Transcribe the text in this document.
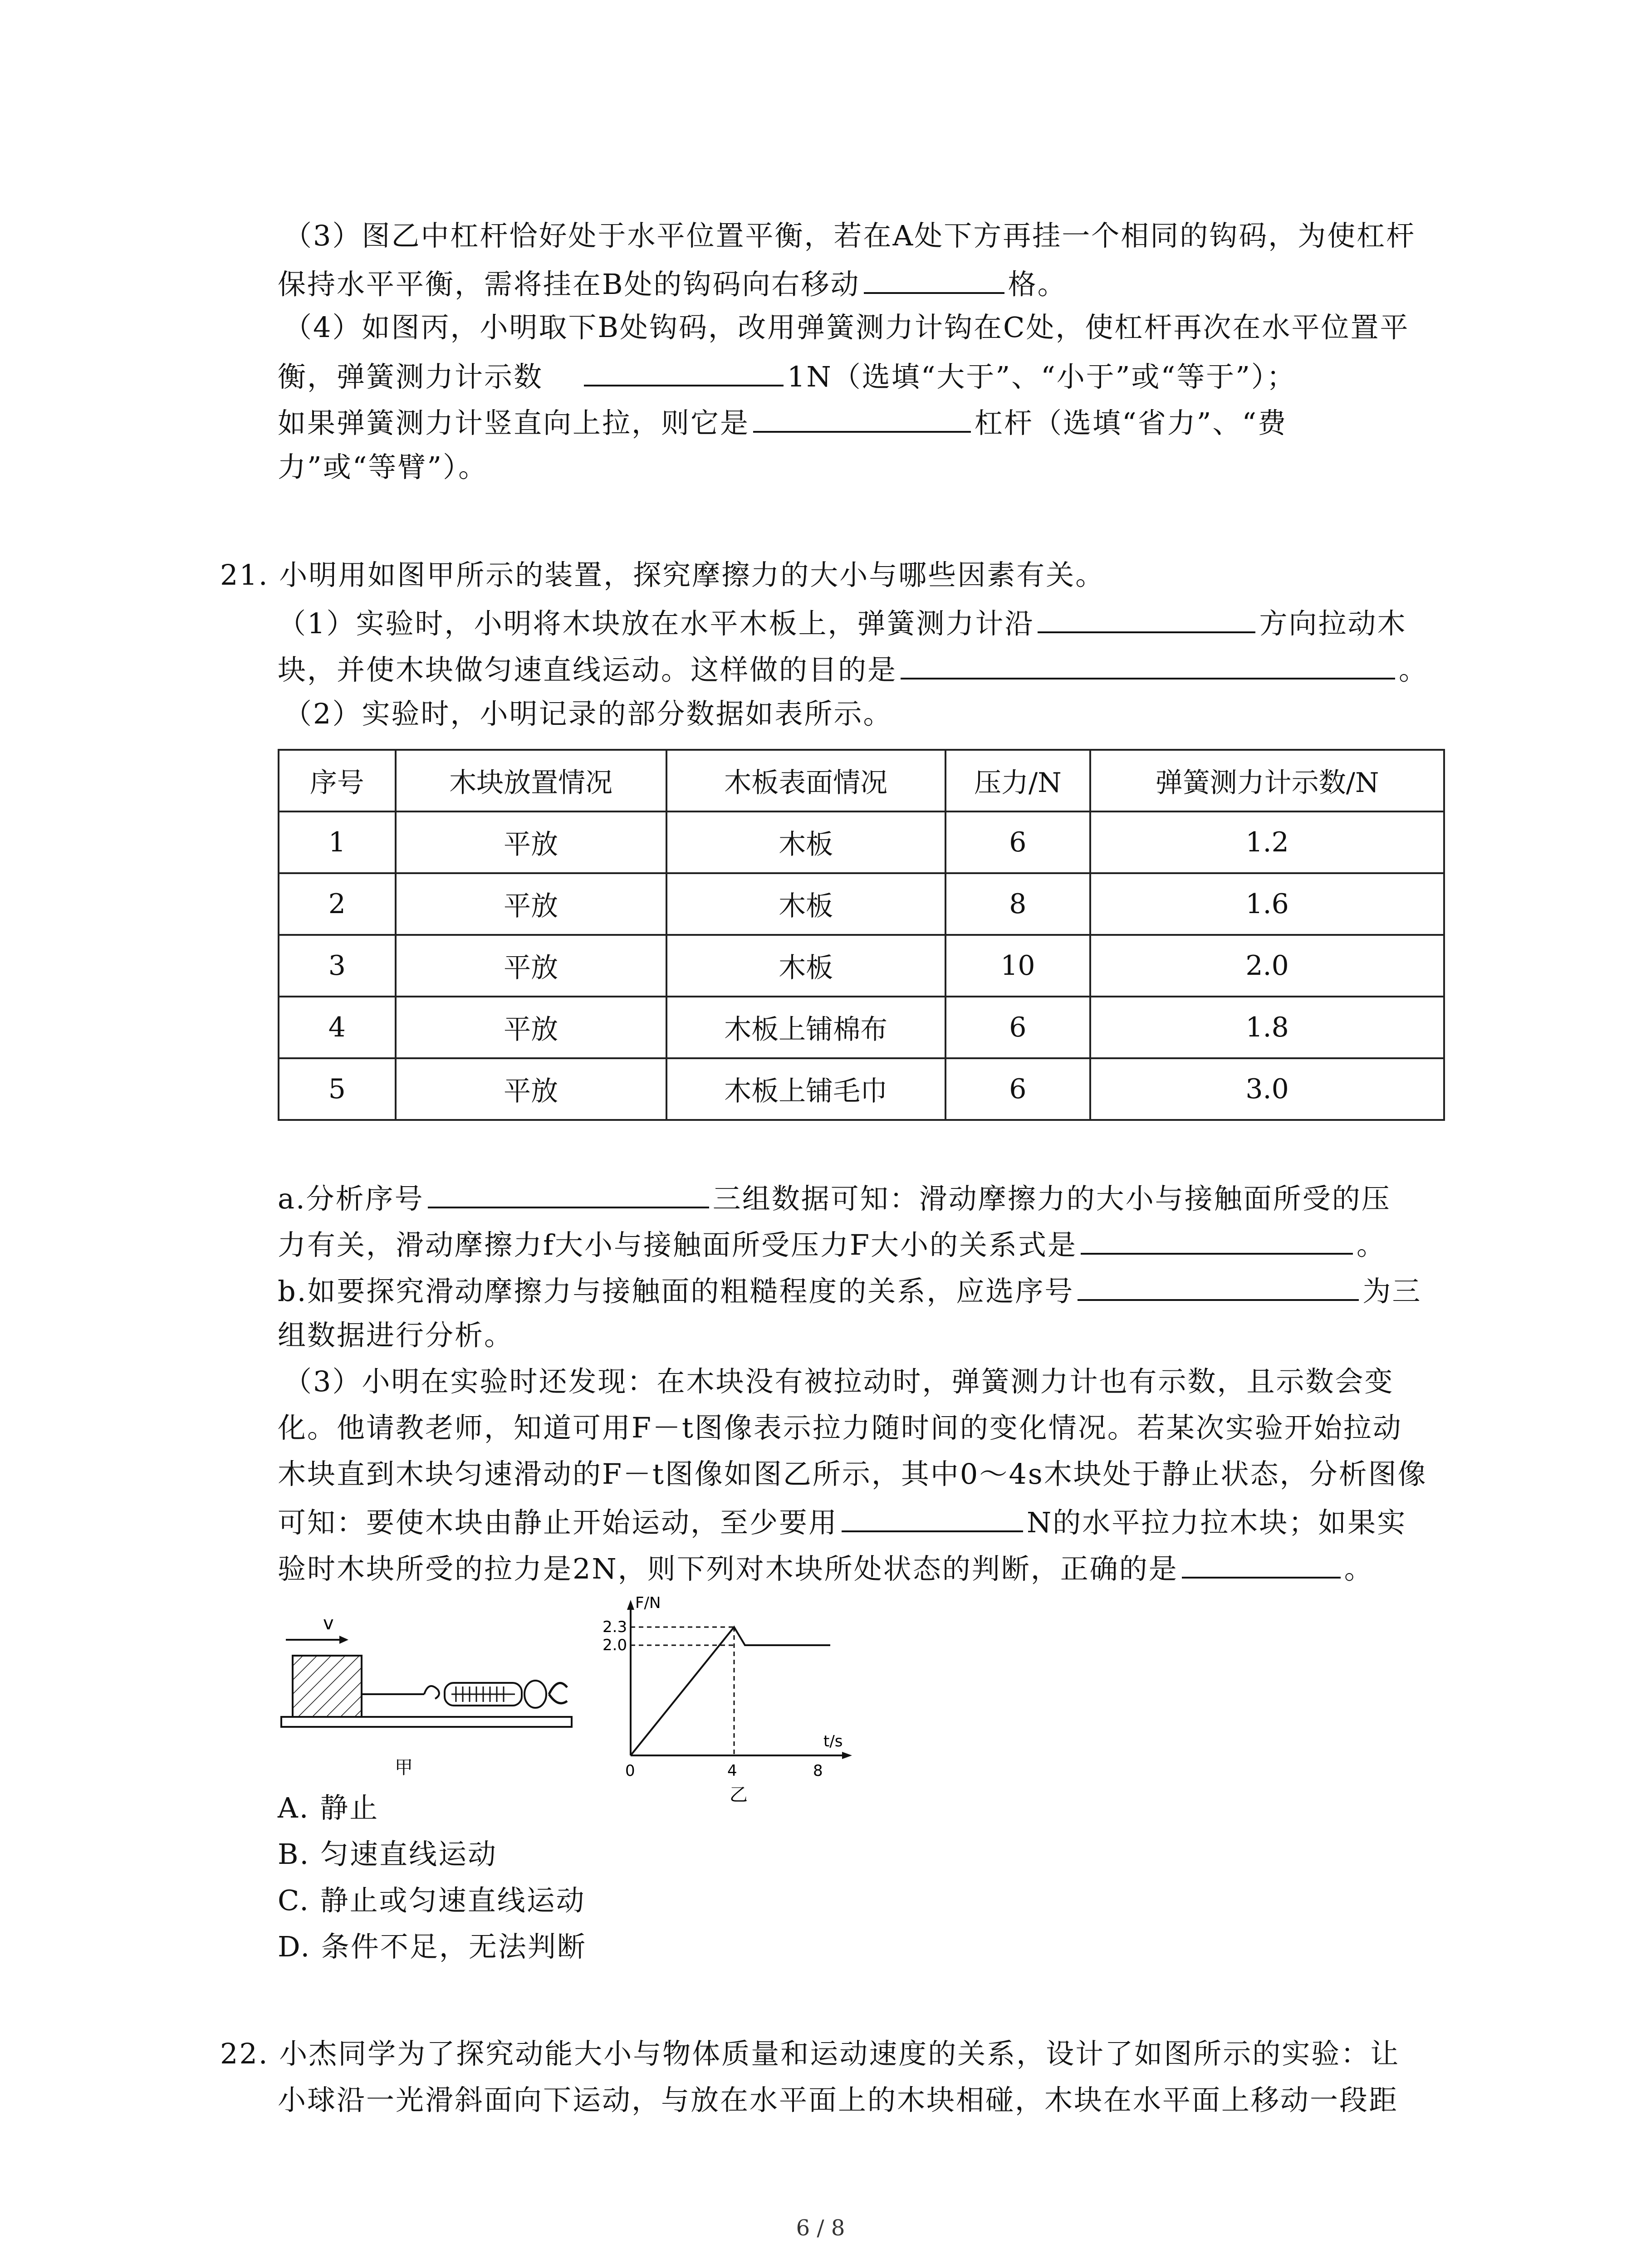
（3）图乙中杠杆恰好处于水平位置平衡，若在A处下方再挂一个相同的钩码，为使杠杆
保持水平平衡，需将挂在B处的钩码向右移动	格。
（4）如图丙，小明取下B处钩码，改用弹簧测力计钩在C处，使杠杆再次在水平位置平
衡，弹簧测力计示数	1N（选填“大于”、“小于”或“等于”）；
如果弹簧测力计竖直向上拉，则它是	杠杆（选填“省力”、“费
力”或“等臂”）。
21. 小明用如图甲所示的装置，探究摩擦力的大小与哪些因素有关。
（1）实验时，小明将木块放在水平木板上，弹簧测力计沿	方向拉动木
块，并使木块做匀速直线运动。这样做的目的是	。
（2）实验时，小明记录的部分数据如表所示。
序号	木块放置情况	木板表面情况	压力/N	弹簧测力计示数/N
1	平放	木板	6	1.2
2	平放	木板	8	1.6
3	平放	木板	10	2.0
4	平放	木板上铺棉布	6	1.8
5	平放	木板上铺毛巾	6	3.0
a.分析序号	三组数据可知：滑动摩擦力的大小与接触面所受的压
力有关，滑动摩擦力f大小与接触面所受压力F大小的关系式是	。
b.如要探究滑动摩擦力与接触面的粗糙程度的关系，应选序号	为三
组数据进行分析。
（3）小明在实验时还发现：在木块没有被拉动时，弹簧测力计也有示数，且示数会变
化。他请教老师，知道可用F－t图像表示拉力随时间的变化情况。若某次实验开始拉动
木块直到木块匀速滑动的F－t图像如图乙所示，其中0～4s木块处于静止状态，分析图像
可知：要使木块由静止开始运动，至少要用	N的水平拉力拉木块；如果实
验时木块所受的拉力是2N，则下列对木块所处状态的判断，正确的是	。
v
甲
F/N
t/s
2.3
2.0
0	4	8
乙
A. 静止
B. 匀速直线运动
C. 静止或匀速直线运动
D. 条件不足，无法判断
22. 小杰同学为了探究动能大小与物体质量和运动速度的关系，设计了如图所示的实验：让
小球沿一光滑斜面向下运动，与放在水平面上的木块相碰，木块在水平面上移动一段距
6 / 8
